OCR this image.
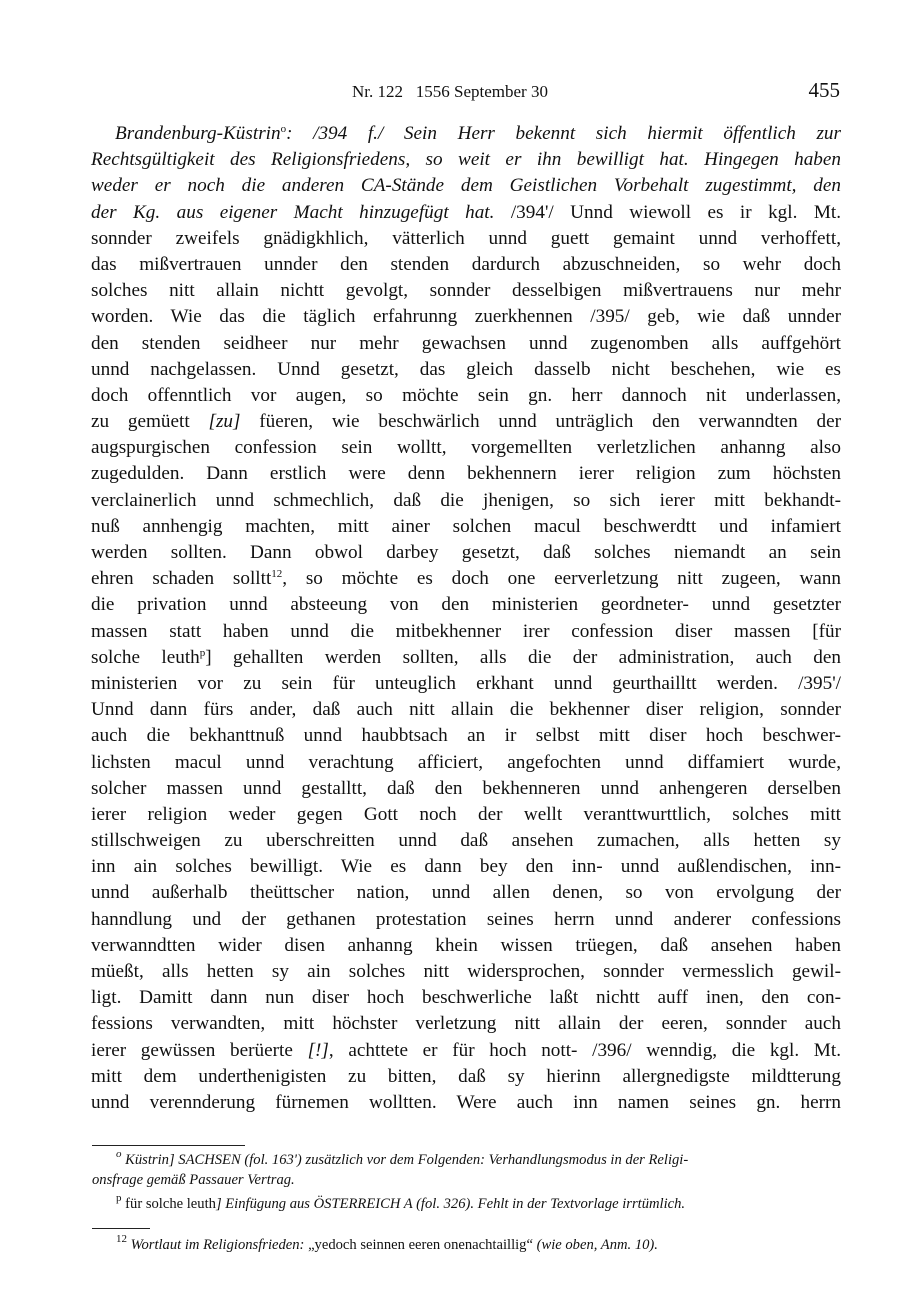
Nr. 122   1556 September 30	455
Brandenburg-Küstrin$^o$: /394 f./ Sein Herr bekennt sich hiermit öffentlich zur
Rechtsgültigkeit des Religionsfriedens, so weit er ihn bewilligt hat. Hingegen haben
weder er noch die anderen CA-Stände dem Geistlichen Vorbehalt zugestimmt, den
der Kg. aus eigener Macht hinzugefügt hat. /394'/ Unnd wiewoll es ir kgl. Mt.
sonnder zweifels gnädigkhlich, vätterlich unnd guett gemaint unnd verhoffett,
das mißvertrauen unnder den stenden dardurch abzuschneiden, so wehr doch
solches nitt allain nichtt gevolgt, sonnder desselbigen mißvertrauens nur mehr
worden. Wie das die täglich erfahrunng zuerkhennen /395/ geb, wie daß unnder
den stenden seidheer nur mehr gewachsen unnd zugenomben alls auffgehört
unnd nachgelassen. Unnd gesetzt, das gleich dasselb nicht beschehen, wie es
doch offenntlich vor augen, so möchte sein gn. herr dannoch nit underlassen,
zu gemüett [zu] füeren, wie beschwärlich unnd unträglich den verwanndten der
augspurgischen confession sein wolltt, vorgemellten verletzlichen anhanng also
zugedulden. Dann erstlich were denn bekhennern ierer religion zum höchsten
verclainerlich unnd schmechlich, daß die jhenigen, so sich ierer mitt bekhandt-
nuß annhengig machten, mitt ainer solchen macul beschwerdtt und infamiert
werden sollten. Dann obwol darbey gesetzt, daß solches niemandt an sein
ehren schaden solltt$^{12}$, so möchte es doch one eerverletzung nitt zugeen, wann
die privation unnd absteeung von den ministerien geordneter- unnd gesetzter
massen statt haben unnd die mitbekhenner irer confession diser massen [für
solche leuth$^p$] gehallten werden sollten, alls die der administration, auch den
ministerien vor zu sein für unteuglich erkhant unnd geurthailltt werden. /395'/
Unnd dann fürs ander, daß auch nitt allain die bekhenner diser religion, sonnder
auch die bekhanttnuß unnd haubbtsach an ir selbst mitt diser hoch beschwer-
lichsten macul unnd verachtung afficiert, angefochten unnd diffamiert wurde,
solcher massen unnd gestalltt, daß den bekhenneren unnd anhengeren derselben
ierer religion weder gegen Gott noch der wellt veranttwurttlich, solches mitt
stillschweigen zu uberschreitten unnd daß ansehen zumachen, alls hetten sy
inn ain solches bewilligt. Wie es dann bey den inn- unnd außlendischen, inn-
unnd außerhalb theüttscher nation, unnd allen denen, so von ervolgung der
hanndlung und der gethanen protestation seines herrn unnd anderer confessions
verwanndtten wider disen anhanng khein wissen trüegen, daß ansehen haben
müeßt, alls hetten sy ain solches nitt widersprochen, sonnder vermesslich gewil-
ligt. Damitt dann nun diser hoch beschwerliche laßt nichtt auff inen, den con-
fessions verwandten, mitt höchster verletzung nitt allain der eeren, sonnder auch
ierer gewüssen berüerte [!], achttete er für hoch nott- /396/ wenndig, die kgl. Mt.
mitt dem underthenigisten zu bitten, daß sy hierinn allergnedigste mildtterung
unnd verennderung fürnemen wolltten. Were auch inn namen seines gn. herrn
$^o$ Küstrin] SACHSEN (fol. 163') zusätzlich vor dem Folgenden: Verhandlungsmodus in der Religi-
onsfrage gemäß Passauer Vertrag.
$^p$ für solche leuth] Einfügung aus ÖSTERREICH A (fol. 326). Fehlt in der Textvorlage irrtümlich.
$^{12}$ Wortlaut im Religionsfrieden: „yedoch seinnen eeren onenachtaillig“ (wie oben, Anm. 10).
